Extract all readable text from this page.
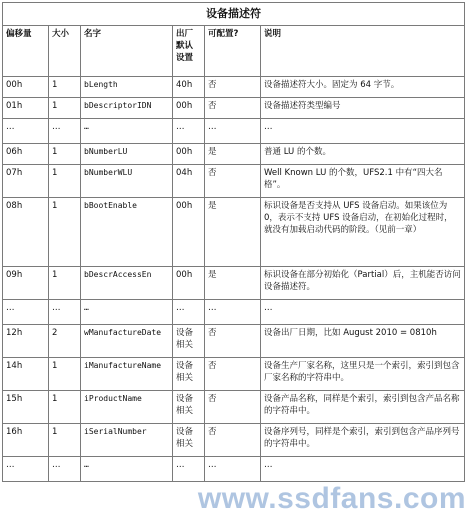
设备描述符					
偏移量	大小	名字	出厂默认设置	可配置?	说明
00h	1	bLength	40h	否	设备描述符大小。固定为 64 字节。
01h	1	bDescriptorIDN	00h	否	设备描述符类型编号
…	…	…	…	…	…
06h	1	bNumberLU	00h	是	普通 LU 的个数。
07h	1	bNumberWLU	04h	否	Well Known LU 的个数，UFS2.1 中有“四大名格”。
08h	1	bBootEnable	00h	是	标识设备是否支持从 UFS 设备启动。如果该位为 0，表示不支持 UFS 设备启动，在初始化过程时，就没有加载启动代码的阶段。（见前一章）
09h	1	bDescrAccessEn	00h	是	标识设备在部分初始化（Partial）后，主机能否访问设备描述符。
…	…	…	…	…	…
12h	2	wManufactureDate	设备相关	否	设备出厂日期，比如 August 2010 = 0810h
14h	1	iManufactureName	设备相关	否	设备生产厂家名称，这里只是一个索引，索引到包含厂家名称的字符串中。
15h	1	iProductName	设备相关	否	设备产品名称，同样是个索引，索引到包含产品名称的字符串中。
16h	1	iSerialNumber	设备相关	否	设备序列号，同样是个索引，索引到包含产品序列号的字符串中。
…	…	…	…	…	…
www.ssdfans.com
